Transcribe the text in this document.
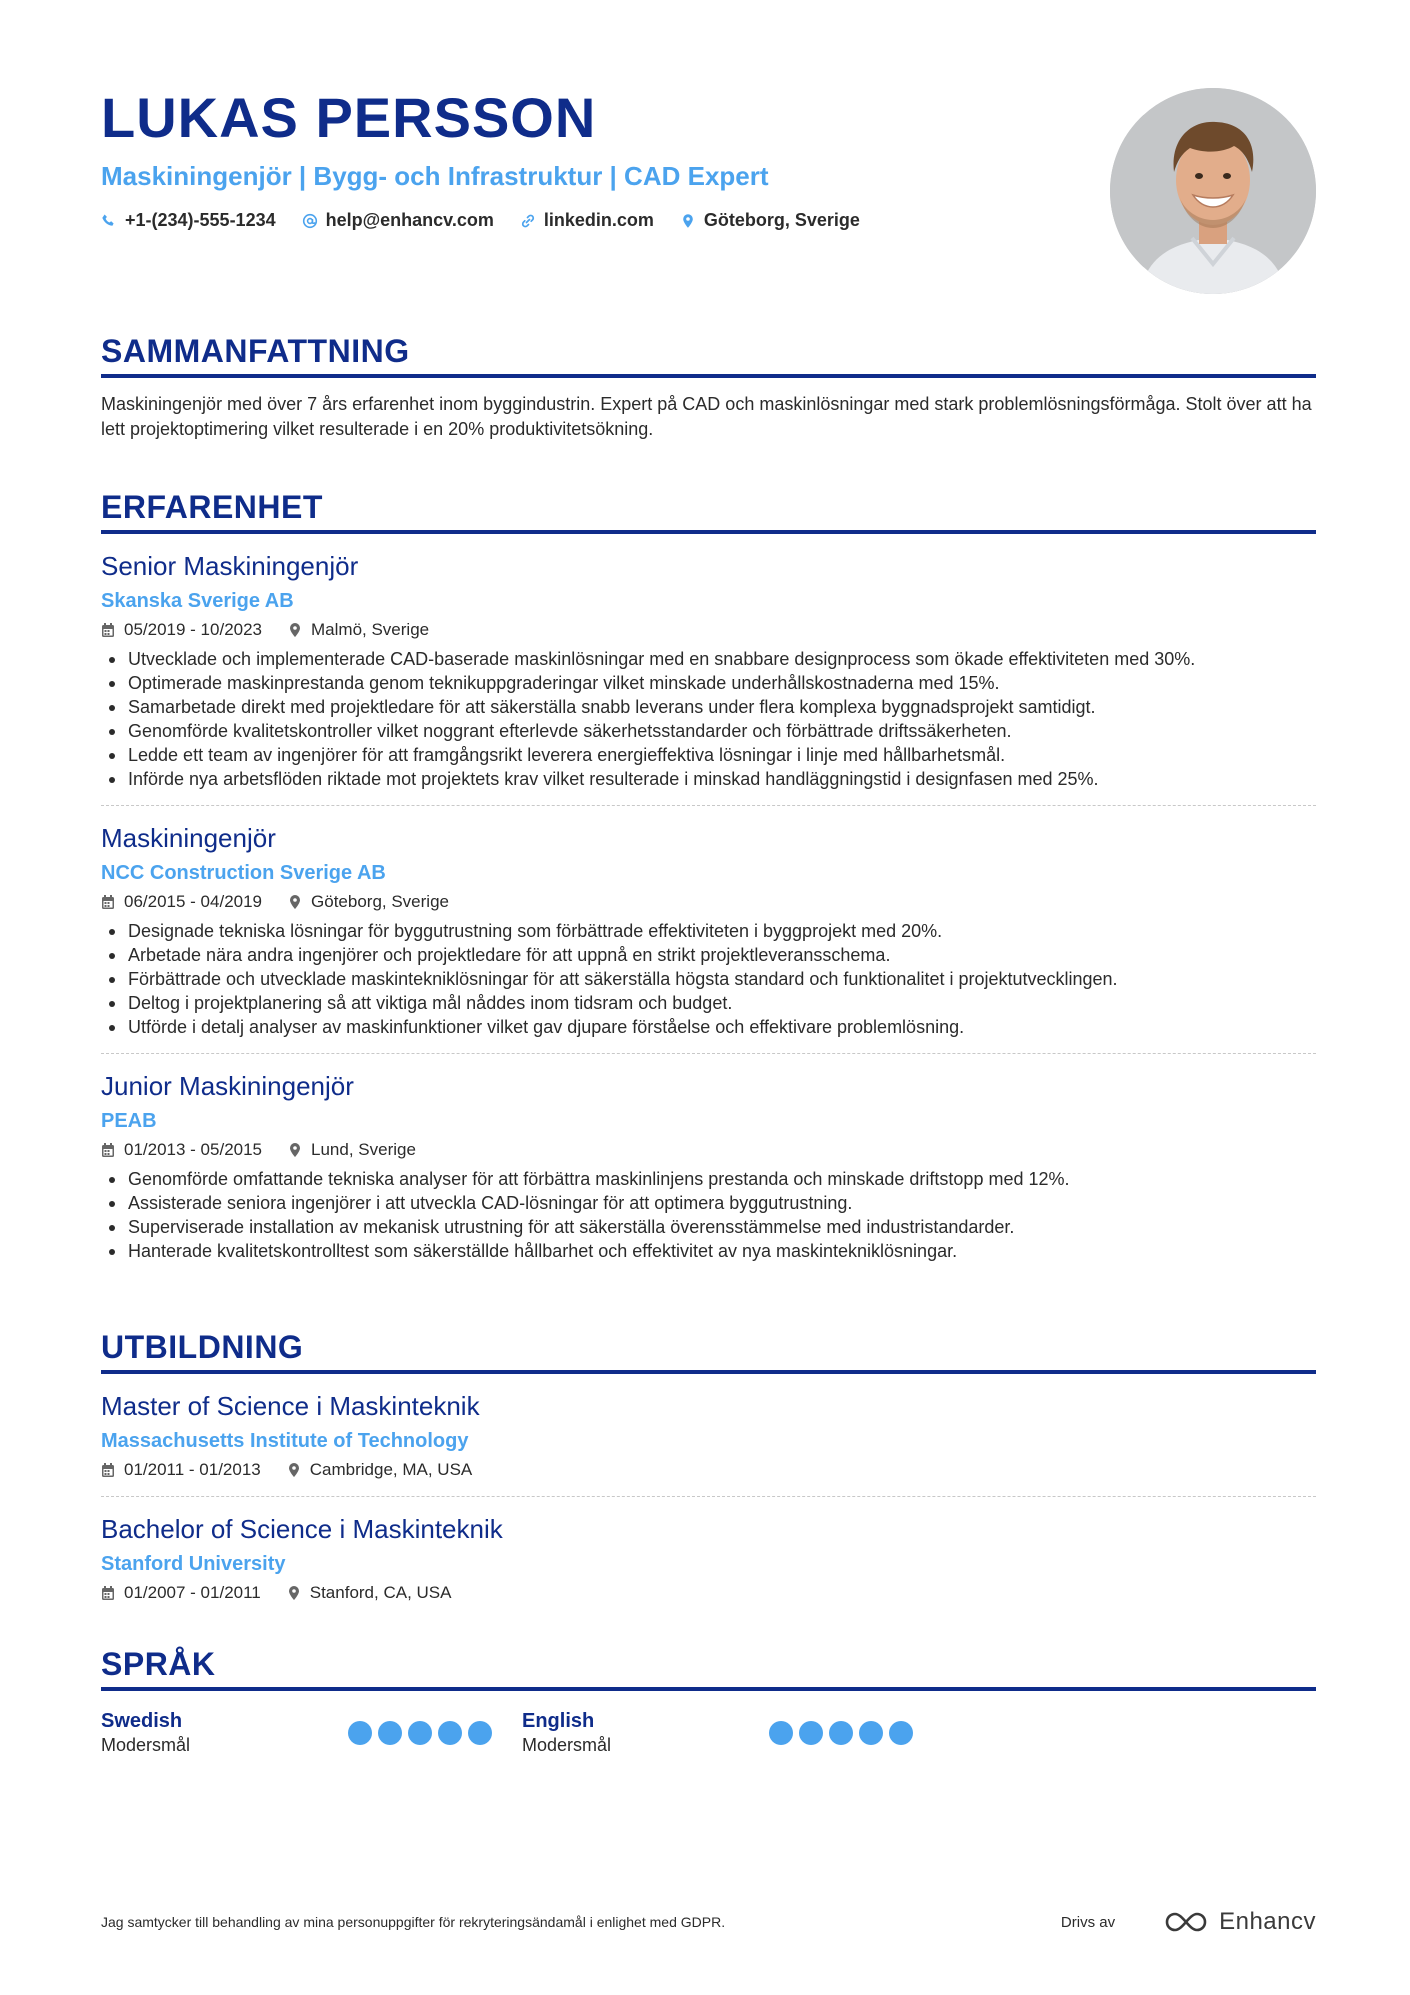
LUKAS PERSSON
Maskiningenjör | Bygg- och Infrastruktur | CAD Expert
+1-(234)-555-1234	help@enhancv.com	linkedin.com	Göteborg, Sverige
SAMMANFATTNING
Maskiningenjör med över 7 års erfarenhet inom byggindustrin. Expert på CAD och maskinlösningar med stark problemlösningsförmåga. Stolt över att ha lett projektoptimering vilket resulterade i en 20% produktivitetsökning.
ERFARENHET
Senior Maskiningenjör
Skanska Sverige AB
05/2019 - 10/2023	Malmö, Sverige
Utvecklade och implementerade CAD-baserade maskinlösningar med en snabbare designprocess som ökade effektiviteten med 30%.
Optimerade maskinprestanda genom teknikuppgraderingar vilket minskade underhållskostnaderna med 15%.
Samarbetade direkt med projektledare för att säkerställa snabb leverans under flera komplexa byggnadsprojekt samtidigt.
Genomförde kvalitetskontroller vilket noggrant efterlevde säkerhetsstandarder och förbättrade driftssäkerheten.
Ledde ett team av ingenjörer för att framgångsrikt leverera energieffektiva lösningar i linje med hållbarhetsmål.
Införde nya arbetsflöden riktade mot projektets krav vilket resulterade i minskad handläggningstid i designfasen med 25%.
Maskiningenjör
NCC Construction Sverige AB
06/2015 - 04/2019	Göteborg, Sverige
Designade tekniska lösningar för byggutrustning som förbättrade effektiviteten i byggprojekt med 20%.
Arbetade nära andra ingenjörer och projektledare för att uppnå en strikt projektleveransschema.
Förbättrade och utvecklade maskintekniklösningar för att säkerställa högsta standard och funktionalitet i projektutvecklingen.
Deltog i projektplanering så att viktiga mål nåddes inom tidsram och budget.
Utförde i detalj analyser av maskinfunktioner vilket gav djupare förståelse och effektivare problemlösning.
Junior Maskiningenjör
PEAB
01/2013 - 05/2015	Lund, Sverige
Genomförde omfattande tekniska analyser för att förbättra maskinlinjens prestanda och minskade driftstopp med 12%.
Assisterade seniora ingenjörer i att utveckla CAD-lösningar för att optimera byggutrustning.
Superviserade installation av mekanisk utrustning för att säkerställa överensstämmelse med industristandarder.
Hanterade kvalitetskontrolltest som säkerställde hållbarhet och effektivitet av nya maskintekniklösningar.
UTBILDNING
Master of Science i Maskinteknik
Massachusetts Institute of Technology
01/2011 - 01/2013	Cambridge, MA, USA
Bachelor of Science i Maskinteknik
Stanford University
01/2007 - 01/2011	Stanford, CA, USA
SPRÅK
Swedish
Modersmål
English
Modersmål
Jag samtycker till behandling av mina personuppgifter för rekryteringsändamål i enlighet med GDPR.	Drivs av	Enhancv
